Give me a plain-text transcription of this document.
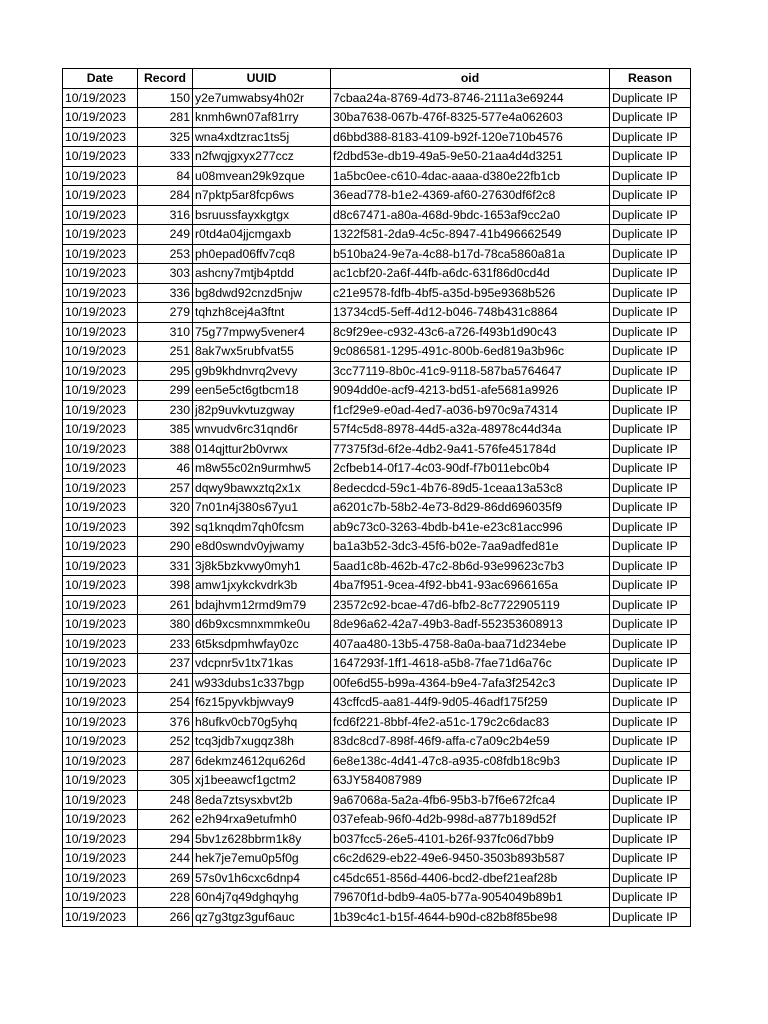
Date	Record	UUID	oid	Reason
10/19/2023	150	y2e7umwabsy4h02r	7cbaa24a-8769-4d73-8746-2111a3e69244	Duplicate IP
10/19/2023	281	knmh6wn07af81rry	30ba7638-067b-476f-8325-577e4a062603	Duplicate IP
10/19/2023	325	wna4xdtzrac1ts5j	d6bbd388-8183-4109-b92f-120e710b4576	Duplicate IP
10/19/2023	333	n2fwqjgxyx277ccz	f2dbd53e-db19-49a5-9e50-21aa4d4d3251	Duplicate IP
10/19/2023	84	u08mvean29k9zque	1a5bc0ee-c610-4dac-aaaa-d380e22fb1cb	Duplicate IP
10/19/2023	284	n7pktp5ar8fcp6ws	36ead778-b1e2-4369-af60-27630df6f2c8	Duplicate IP
10/19/2023	316	bsruussfayxkgtgx	d8c67471-a80a-468d-9bdc-1653af9cc2a0	Duplicate IP
10/19/2023	249	r0td4a04jjcmgaxb	1322f581-2da9-4c5c-8947-41b496662549	Duplicate IP
10/19/2023	253	ph0epad06ffv7cq8	b510ba24-9e7a-4c88-b17d-78ca5860a81a	Duplicate IP
10/19/2023	303	ashcny7mtjb4ptdd	ac1cbf20-2a6f-44fb-a6dc-631f86d0cd4d	Duplicate IP
10/19/2023	336	bg8dwd92cnzd5njw	c21e9578-fdfb-4bf5-a35d-b95e9368b526	Duplicate IP
10/19/2023	279	tqhzh8cej4a3ftnt	13734cd5-5eff-4d12-b046-748b431c8864	Duplicate IP
10/19/2023	310	75g77mpwy5vener4	8c9f29ee-c932-43c6-a726-f493b1d90c43	Duplicate IP
10/19/2023	251	8ak7wx5rubfvat55	9c086581-1295-491c-800b-6ed819a3b96c	Duplicate IP
10/19/2023	295	g9b9khdnvrq2vevy	3cc77119-8b0c-41c9-9118-587ba5764647	Duplicate IP
10/19/2023	299	een5e5ct6gtbcm18	9094dd0e-acf9-4213-bd51-afe5681a9926	Duplicate IP
10/19/2023	230	j82p9uvkvtuzgway	f1cf29e9-e0ad-4ed7-a036-b970c9a74314	Duplicate IP
10/19/2023	385	wnvudv6rc31qnd6r	57f4c5d8-8978-44d5-a32a-48978c44d34a	Duplicate IP
10/19/2023	388	014qjttur2b0vrwx	77375f3d-6f2e-4db2-9a41-576fe451784d	Duplicate IP
10/19/2023	46	m8w55c02n9urmhw5	2cfbeb14-0f17-4c03-90df-f7b011ebc0b4	Duplicate IP
10/19/2023	257	dqwy9bawxztq2x1x	8edecdcd-59c1-4b76-89d5-1ceaa13a53c8	Duplicate IP
10/19/2023	320	7n01n4j380s67yu1	a6201c7b-58b2-4e73-8d29-86dd696035f9	Duplicate IP
10/19/2023	392	sq1knqdm7qh0fcsm	ab9c73c0-3263-4bdb-b41e-e23c81acc996	Duplicate IP
10/19/2023	290	e8d0swndv0yjwamy	ba1a3b52-3dc3-45f6-b02e-7aa9adfed81e	Duplicate IP
10/19/2023	331	3j8k5bzkvwy0myh1	5aad1c8b-462b-47c2-8b6d-93e99623c7b3	Duplicate IP
10/19/2023	398	amw1jxykckvdrk3b	4ba7f951-9cea-4f92-bb41-93ac6966165a	Duplicate IP
10/19/2023	261	bdajhvm12rmd9m79	23572c92-bcae-47d6-bfb2-8c7722905119	Duplicate IP
10/19/2023	380	d6b9xcsmnxmmke0u	8de96a62-42a7-49b3-8adf-552353608913	Duplicate IP
10/19/2023	233	6t5ksdpmhwfay0zc	407aa480-13b5-4758-8a0a-baa71d234ebe	Duplicate IP
10/19/2023	237	vdcpnr5v1tx71kas	1647293f-1ff1-4618-a5b8-7fae71d6a76c	Duplicate IP
10/19/2023	241	w933dubs1c337bgp	00fe6d55-b99a-4364-b9e4-7afa3f2542c3	Duplicate IP
10/19/2023	254	f6z15pyvkbjwvay9	43cffcd5-aa81-44f9-9d05-46adf175f259	Duplicate IP
10/19/2023	376	h8ufkv0cb70g5yhq	fcd6f221-8bbf-4fe2-a51c-179c2c6dac83	Duplicate IP
10/19/2023	252	tcq3jdb7xugqz38h	83dc8cd7-898f-46f9-affa-c7a09c2b4e59	Duplicate IP
10/19/2023	287	6dekmz4612qu626d	6e8e138c-4d41-47c8-a935-c08fdb18c9b3	Duplicate IP
10/19/2023	305	xj1beeawcf1gctm2	63JY584087989	Duplicate IP
10/19/2023	248	8eda7ztsysxbvt2b	9a67068a-5a2a-4fb6-95b3-b7f6e672fca4	Duplicate IP
10/19/2023	262	e2h94rxa9etufmh0	037efeab-96f0-4d2b-998d-a877b189d52f	Duplicate IP
10/19/2023	294	5bv1z628bbrm1k8y	b037fcc5-26e5-4101-b26f-937fc06d7bb9	Duplicate IP
10/19/2023	244	hek7je7emu0p5f0g	c6c2d629-eb22-49e6-9450-3503b893b587	Duplicate IP
10/19/2023	269	57s0v1h6cxc6dnp4	c45dc651-856d-4406-bcd2-dbef21eaf28b	Duplicate IP
10/19/2023	228	60n4j7q49dghqyhg	79670f1d-bdb9-4a05-b77a-9054049b89b1	Duplicate IP
10/19/2023	266	qz7g3tgz3guf6auc	1b39c4c1-b15f-4644-b90d-c82b8f85be98	Duplicate IP
